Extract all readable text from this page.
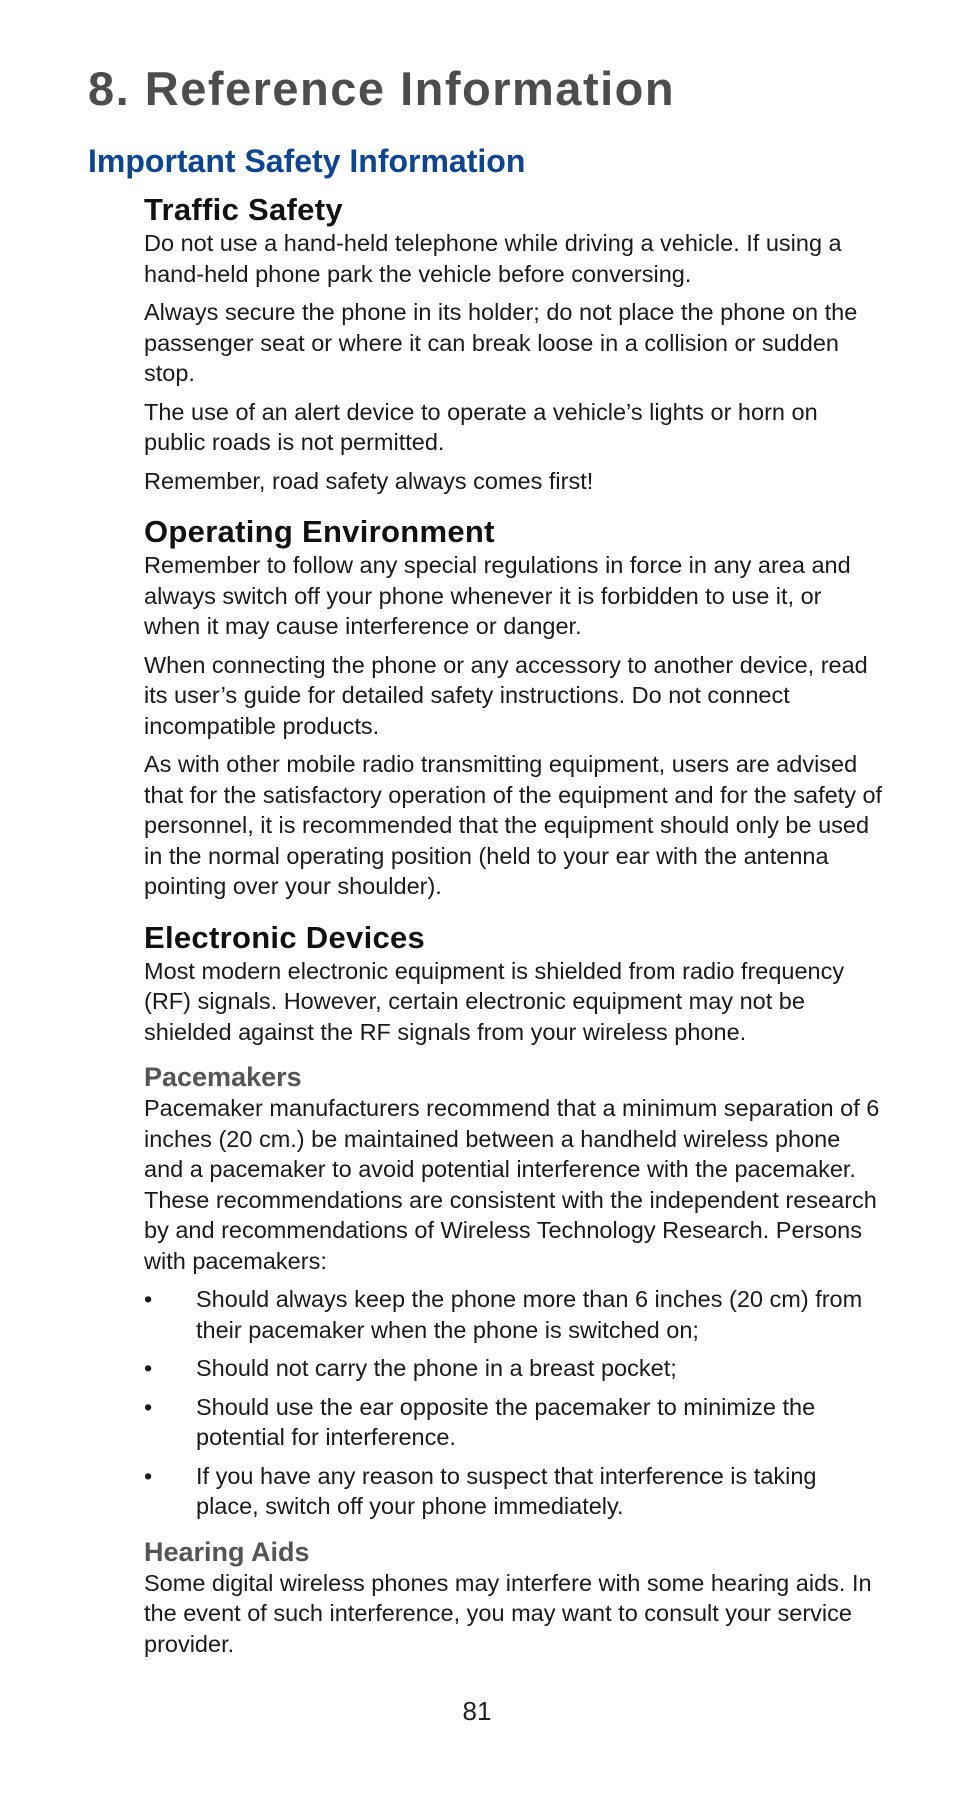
8. Reference Information
Important Safety Information
Traffic Safety

Do not use a hand-held telephone while driving a vehicle. If using a hand-held phone park the vehicle before conversing.

Always secure the phone in its holder; do not place the phone on the passenger seat or where it can break loose in a collision or sudden stop.

The use of an alert device to operate a vehicle’s lights or horn on public roads is not permitted.

Remember, road safety always comes first!

Operating Environment

Remember to follow any special regulations in force in any area and always switch off your phone whenever it is forbidden to use it, or when it may cause interference or danger.

When connecting the phone or any accessory to another device, read its user’s guide for detailed safety instructions. Do not connect incompatible products.

As with other mobile radio transmitting equipment, users are advised that for the satisfactory operation of the equipment and for the safety of personnel, it is recommended that the equipment should only be used in the normal operating position (held to your ear with the antenna pointing over your shoulder).

Electronic Devices

Most modern electronic equipment is shielded from radio frequency (RF) signals. However, certain electronic equipment may not be shielded against the RF signals from your wireless phone.

Pacemakers

Pacemaker manufacturers recommend that a minimum separation of 6 inches (20 cm.) be maintained between a handheld wireless phone and a pacemaker to avoid potential interference with the pacemaker. These recommendations are consistent with the independent research by and recommendations of Wireless Technology Research. Persons with pacemakers:

• Should always keep the phone more than 6 inches (20 cm) from their pacemaker when the phone is switched on;
• Should not carry the phone in a breast pocket;
• Should use the ear opposite the pacemaker to minimize the potential for interference.
• If you have any reason to suspect that interference is taking place, switch off your phone immediately.
Hearing Aids

Some digital wireless phones may interfere with some hearing aids. In the event of such interference, you may want to consult your service provider.

81
